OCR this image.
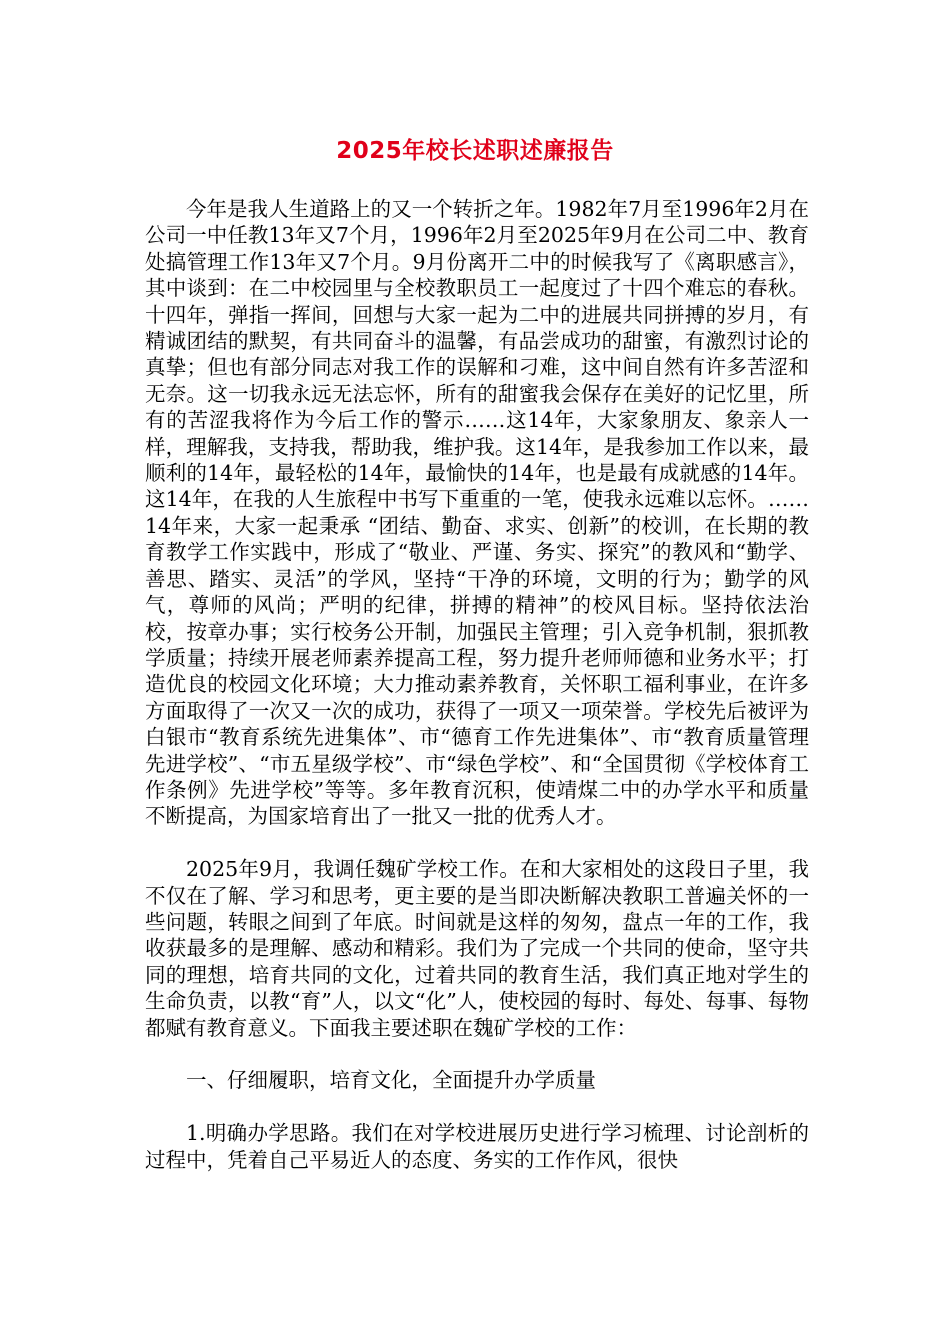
2025年校长述职述廉报告

今年是我人生道路上的又一个转折之年。1982年7月至1996年2月在公司一中任教13年又7个月，1996年2月至2025年9月在公司二中、教育处搞管理工作13年又7个月。9月份离开二中的时候我写了《离职感言》，其中谈到：在二中校园里与全校教职员工一起度过了十四个难忘的春秋。十四年，弹指一挥间，回想与大家一起为二中的进展共同拼搏的岁月，有精诚团结的默契，有共同奋斗的温馨，有品尝成功的甜蜜，有激烈讨论的真挚；但也有部分同志对我工作的误解和刁难，这中间自然有许多苦涩和无奈。这一切我永远无法忘怀，所有的甜蜜我会保存在美好的记忆里，所有的苦涩我将作为今后工作的警示……这14年，大家象朋友、象亲人一样，理解我，支持我，帮助我，维护我。这14年，是我参加工作以来，最顺利的14年，最轻松的14年，最愉快的14年，也是最有成就感的14年。这14年，在我的人生旅程中书写下重重的一笔，使我永远难以忘怀。……14年来，大家一起秉承 “团结、勤奋、求实、创新”的校训，在长期的教育教学工作实践中，形成了“敬业、严谨、务实、探究”的教风和“勤学、善思、踏实、灵活”的学风，坚持“干净的环境，文明的行为；勤学的风气，尊师的风尚；严明的纪律，拼搏的精神”的校风目标。坚持依法治校，按章办事；实行校务公开制，加强民主管理；引入竞争机制，狠抓教学质量；持续开展老师素养提高工程，努力提升老师师德和业务水平；打造优良的校园文化环境；大力推动素养教育，关怀职工福利事业，在许多方面取得了一次又一次的成功，获得了一项又一项荣誉。学校先后被评为白银市“教育系统先进集体”、市“德育工作先进集体”、市“教育质量管理先进学校”、“市五星级学校”、市“绿色学校”、和“全国贯彻《学校体育工作条例》先进学校”等等。多年教育沉积，使靖煤二中的办学水平和质量不断提高，为国家培育出了一批又一批的优秀人才。

2025年9月，我调任魏矿学校工作。在和大家相处的这段日子里，我不仅在了解、学习和思考，更主要的是当即决断解决教职工普遍关怀的一些问题，转眼之间到了年底。时间就是这样的匆匆，盘点一年的工作，我收获最多的是理解、感动和精彩。我们为了完成一个共同的使命，坚守共同的理想，培育共同的文化，过着共同的教育生活，我们真正地对学生的生命负责，以教“育”人，以文“化”人，使校园的每时、每处、每事、每物都赋有教育意义。下面我主要述职在魏矿学校的工作：

一、仔细履职，培育文化，全面提升办学质量

1.明确办学思路。我们在对学校进展历史进行学习梳理、讨论剖析的过程中，凭着自己平易近人的态度、务实的工作作风，很快
